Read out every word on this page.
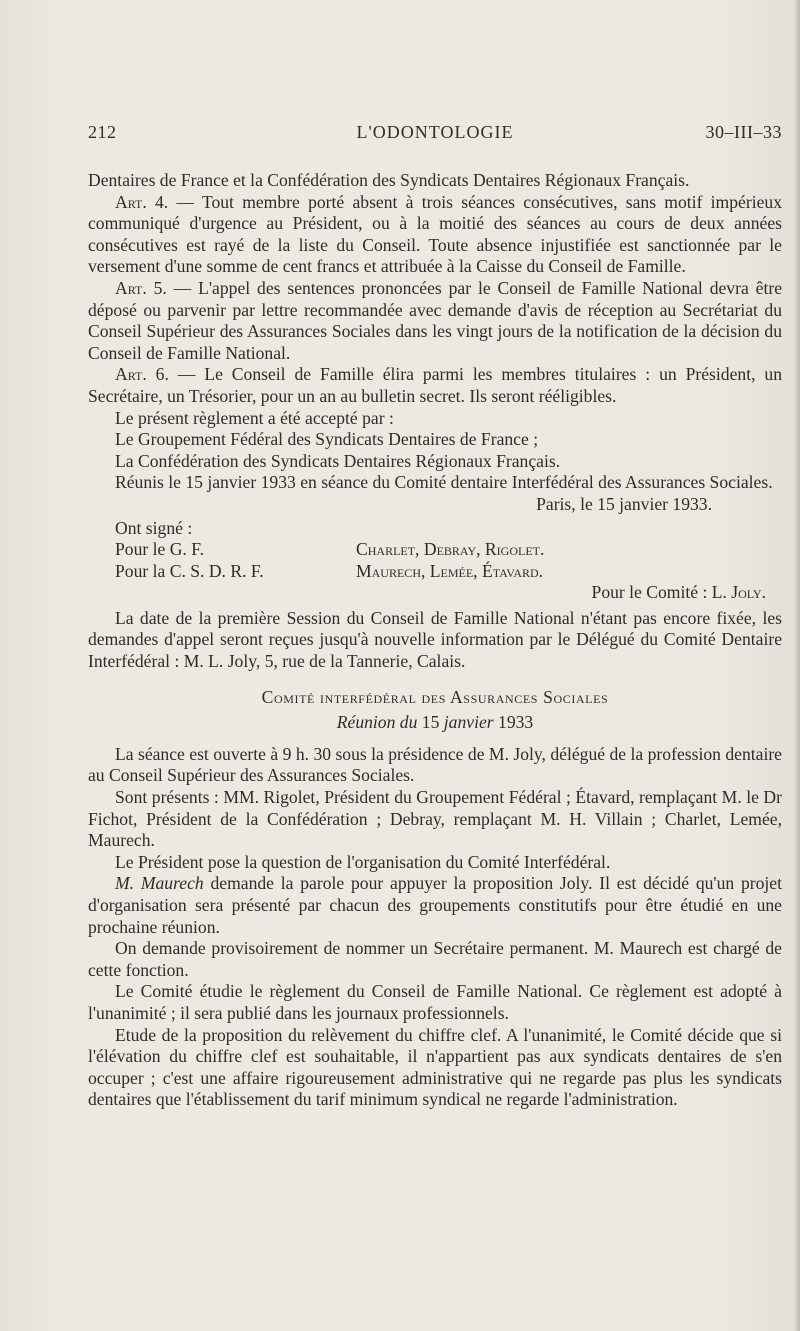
212	L'ODONTOLOGIE	30–III–33

Dentaires de France et la Confédération des Syndicats Dentaires Régionaux Français.

Art. 4. — Tout membre porté absent à trois séances consécutives, sans motif impérieux communiqué d'urgence au Président, ou à la moitié des séances au cours de deux années consécutives est rayé de la liste du Conseil. Toute absence injustifiée est sanctionnée par le versement d'une somme de cent francs et attribuée à la Caisse du Conseil de Famille.

Art. 5. — L'appel des sentences prononcées par le Conseil de Famille National devra être déposé ou parvenir par lettre recommandée avec demande d'avis de réception au Secrétariat du Conseil Supérieur des Assurances Sociales dans les vingt jours de la notification de la décision du Conseil de Famille National.

Art. 6. — Le Conseil de Famille élira parmi les membres titulaires : un Président, un Secrétaire, un Trésorier, pour un an au bulletin secret. Ils seront rééligibles.

Le présent règlement a été accepté par :

Le Groupement Fédéral des Syndicats Dentaires de France ;

La Confédération des Syndicats Dentaires Régionaux Français.

Réunis le 15 janvier 1933 en séance du Comité dentaire Interfédéral des Assurances Sociales.

Paris, le 15 janvier 1933.

Ont signé :

Pour le G. F.	Charlet, Debray, Rigolet.
Pour la C. S. D. R. F.	Maurech, Lemée, Étavard.

Pour le Comité : L. Joly.

La date de la première Session du Conseil de Famille National n'étant pas encore fixée, les demandes d'appel seront reçues jusqu'à nouvelle information par le Délégué du Comité Dentaire Interfédéral : M. L. Joly, 5, rue de la Tannerie, Calais.

Comité interfédéral des Assurances Sociales
Réunion du 15 janvier 1933

La séance est ouverte à 9 h. 30 sous la présidence de M. Joly, délégué de la profession dentaire au Conseil Supérieur des Assurances Sociales.

Sont présents : MM. Rigolet, Président du Groupement Fédéral ; Étavard, remplaçant M. le Dr Fichot, Président de la Confédération ; Debray, remplaçant M. H. Villain ; Charlet, Lemée, Maurech.

Le Président pose la question de l'organisation du Comité Interfédéral.

M. Maurech demande la parole pour appuyer la proposition Joly. Il est décidé qu'un projet d'organisation sera présenté par chacun des groupements constitutifs pour être étudié en une prochaine réunion.

On demande provisoirement de nommer un Secrétaire permanent. M. Maurech est chargé de cette fonction.

Le Comité étudie le règlement du Conseil de Famille National. Ce règlement est adopté à l'unanimité ; il sera publié dans les journaux professionnels.

Etude de la proposition du relèvement du chiffre clef. A l'unanimité, le Comité décide que si l'élévation du chiffre clef est souhaitable, il n'appartient pas aux syndicats dentaires de s'en occuper ; c'est une affaire rigoureusement administrative qui ne regarde pas plus les syndicats dentaires que l'établissement du tarif minimum syndical ne regarde l'administration.
